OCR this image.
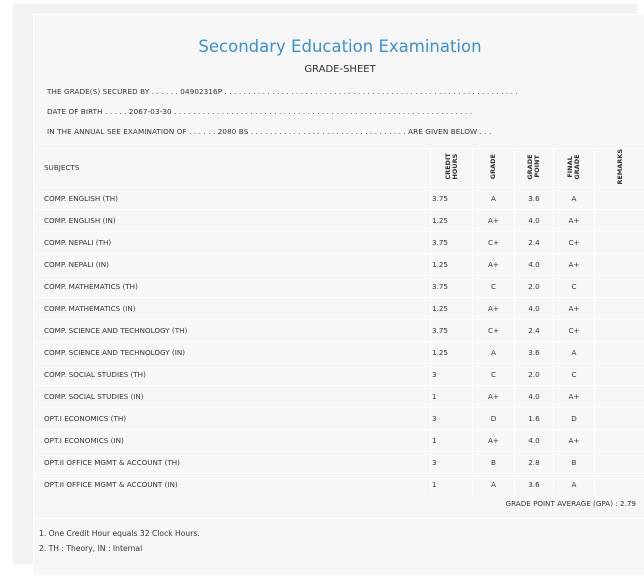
Secondary Education Examination
GRADE-SHEET
THE GRADE(S) SECURED BY . . . . . . 04902316P . . . . . . . . . . . . . . . . . . . . . . . . . . . . . . . . . . . . . . . . . . . . . . . . . . . . . . . . . . . . . .
DATE OF BIRTH . . . . . 2067-03-30 . . . . . . . . . . . . . . . . . . . . . . . . . . . . . . . . . . . . . . . . . . . . . . . . . . . . . . . . . . . . . . .
IN THE ANNUAL SEE EXAMINATION OF . . . . . . 2080 BS . . . . . . . . . . . . . . . . . . . . . . . . . . . . . . . . . ARE GIVEN BELOW . . .
SUBJECTS	CREDIT HOURS	GRADE	GRADE POINT	FINAL GRADE	REMARKS
COMP. ENGLISH (TH)	3.75	A	3.6	A	
COMP. ENGLISH (IN)	1.25	A+	4.0	A+	
COMP. NEPALI (TH)	3.75	C+	2.4	C+	
COMP. NEPALI (IN)	1.25	A+	4.0	A+	
COMP. MATHEMATICS (TH)	3.75	C	2.0	C	
COMP. MATHEMATICS (IN)	1.25	A+	4.0	A+	
COMP. SCIENCE AND TECHNOLOGY (TH)	3.75	C+	2.4	C+	
COMP. SCIENCE AND TECHNOLOGY (IN)	1.25	A	3.6	A	
COMP. SOCIAL STUDIES (TH)	3	C	2.0	C	
COMP. SOCIAL STUDIES (IN)	1	A+	4.0	A+	
OPT.I ECONOMICS (TH)	3	D	1.6	D	
OPT.I ECONOMICS (IN)	1	A+	4.0	A+	
OPT.II OFFICE MGMT & ACCOUNT (TH)	3	B	2.8	B	
OPT.II OFFICE MGMT & ACCOUNT (IN)	1	A	3.6	A	
GRADE POINT AVERAGE (GPA) : 2.79
1. One Credit Hour equals 32 Clock Hours.
2. TH : Theory, IN : Internal
